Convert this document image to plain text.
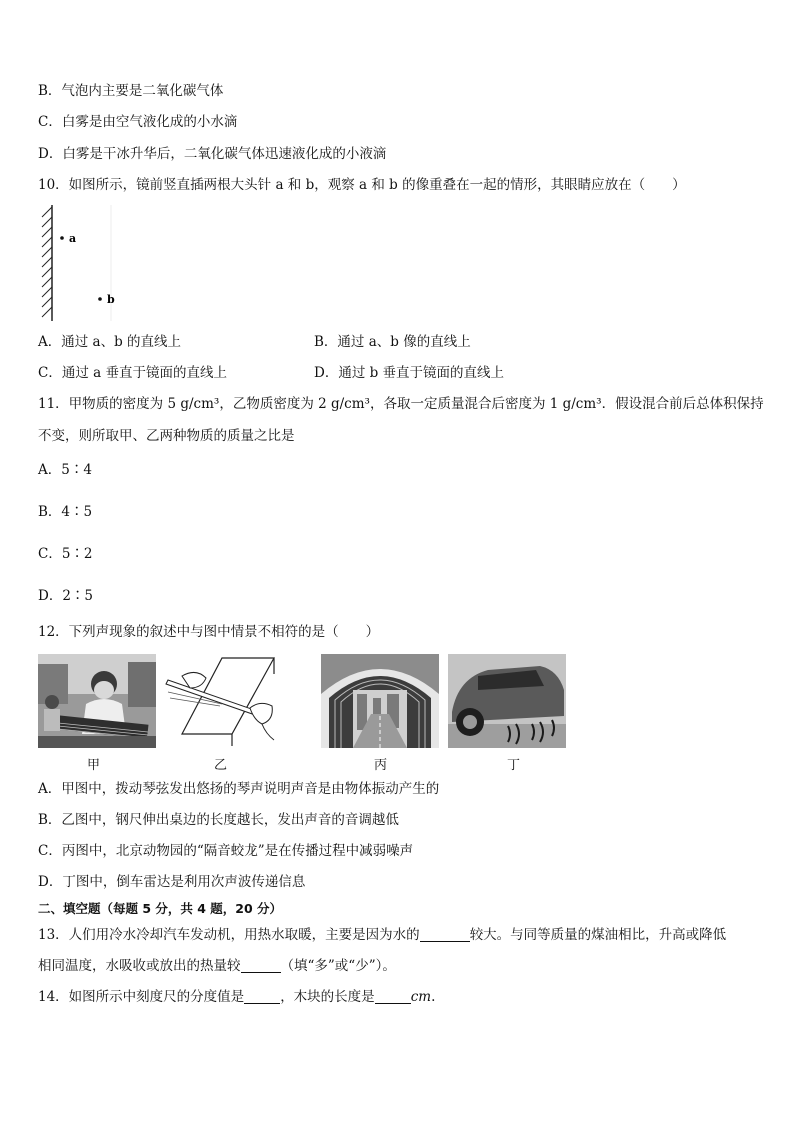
B．气泡内主要是二氧化碳气体
C．白雾是由空气液化成的小水滴
D．白雾是干冰升华后，二氧化碳气体迅速液化成的小液滴
10．如图所示，镜前竖直插两根大头针 a 和 b，观察 a 和 b 的像重叠在一起的情形，其眼睛应放在（　　）
a
b
A．通过 a、b 的直线上	B．通过 a、b 像的直线上
C．通过 a 垂直于镜面的直线上	D．通过 b 垂直于镜面的直线上
11．甲物质的密度为 5 g/cm³，乙物质密度为 2 g/cm³，各取一定质量混合后密度为 1 g/cm³．假设混合前后总体积保持
不变，则所取甲、乙两种物质的质量之比是
A．5∶4
B．4∶5
C．5∶2
D．2∶5
12．下列声现象的叙述中与图中情景不相符的是（　　）
甲	乙	丙	丁
A．甲图中，拨动琴弦发出悠扬的琴声说明声音是由物体振动产生的
B．乙图中，钢尺伸出桌边的长度越长，发出声音的音调越低
C．丙图中，北京动物园的“隔音蛟龙”是在传播过程中减弱噪声
D．丁图中，倒车雷达是利用次声波传递信息
二、填空题（每题 5 分，共 4 题，20 分）
13．人们用冷水冷却汽车发动机，用热水取暖，主要是因为水的	较大。与同等质量的煤油相比，升高或降低
相同温度，水吸收或放出的热量较	（填“多”或“少”）。
14．如图所示中刻度尺的分度值是	，木块的长度是	cm.
